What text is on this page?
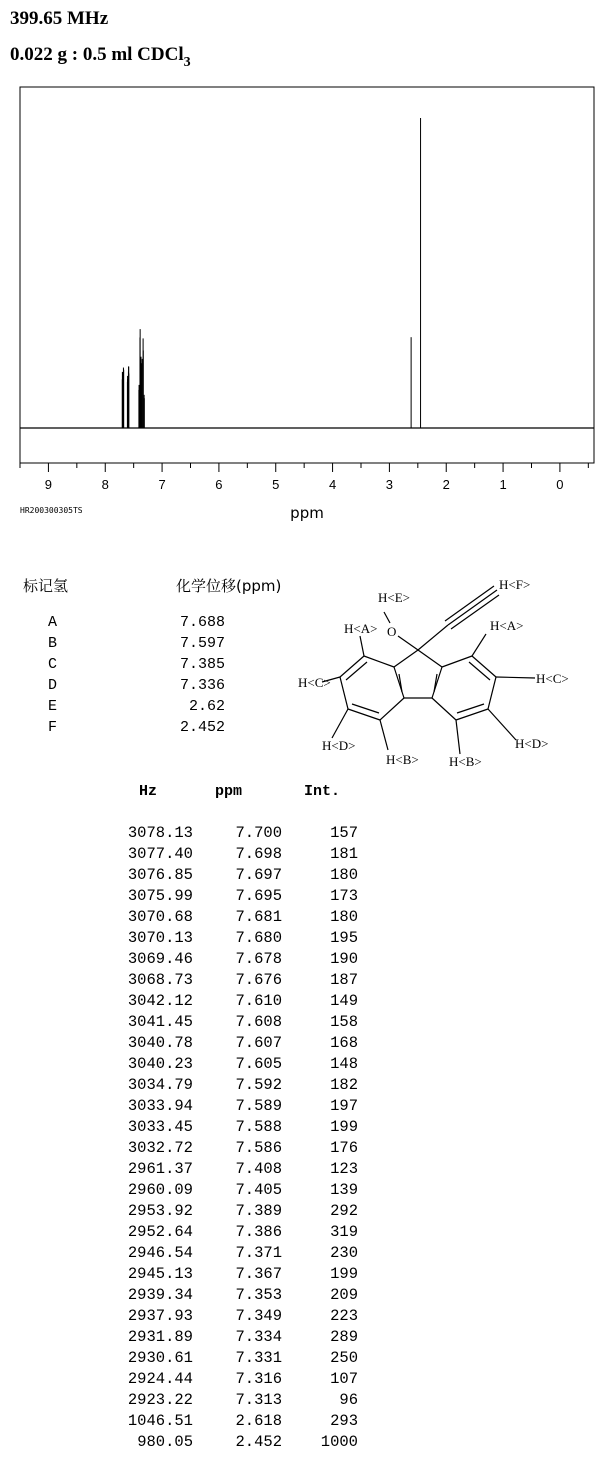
399.65 MHz
0.022 g : 0.5 ml CDCl$_3$
9	8	7	6	5	4	3	2	1	0
ppm
HR200300305TS
标记氢	化学位移(ppm)
A	7.688
B	7.597
C	7.385
D	7.336
E	2.62
F	2.452
H<E>
O
H<F>
H<A>	H<A>
H<C>	H<C>
H<D>	H<D>
H<B> H<B>
Hz	ppm	Int.
3078.13	7.700	157
3077.40	7.698	181
3076.85	7.697	180
3075.99	7.695	173
3070.68	7.681	180
3070.13	7.680	195
3069.46	7.678	190
3068.73	7.676	187
3042.12	7.610	149
3041.45	7.608	158
3040.78	7.607	168
3040.23	7.605	148
3034.79	7.592	182
3033.94	7.589	197
3033.45	7.588	199
3032.72	7.586	176
2961.37	7.408	123
2960.09	7.405	139
2953.92	7.389	292
2952.64	7.386	319
2946.54	7.371	230
2945.13	7.367	199
2939.34	7.353	209
2937.93	7.349	223
2931.89	7.334	289
2930.61	7.331	250
2924.44	7.316	107
2923.22	7.313	96
1046.51	2.618	293
980.05	2.452	1000
